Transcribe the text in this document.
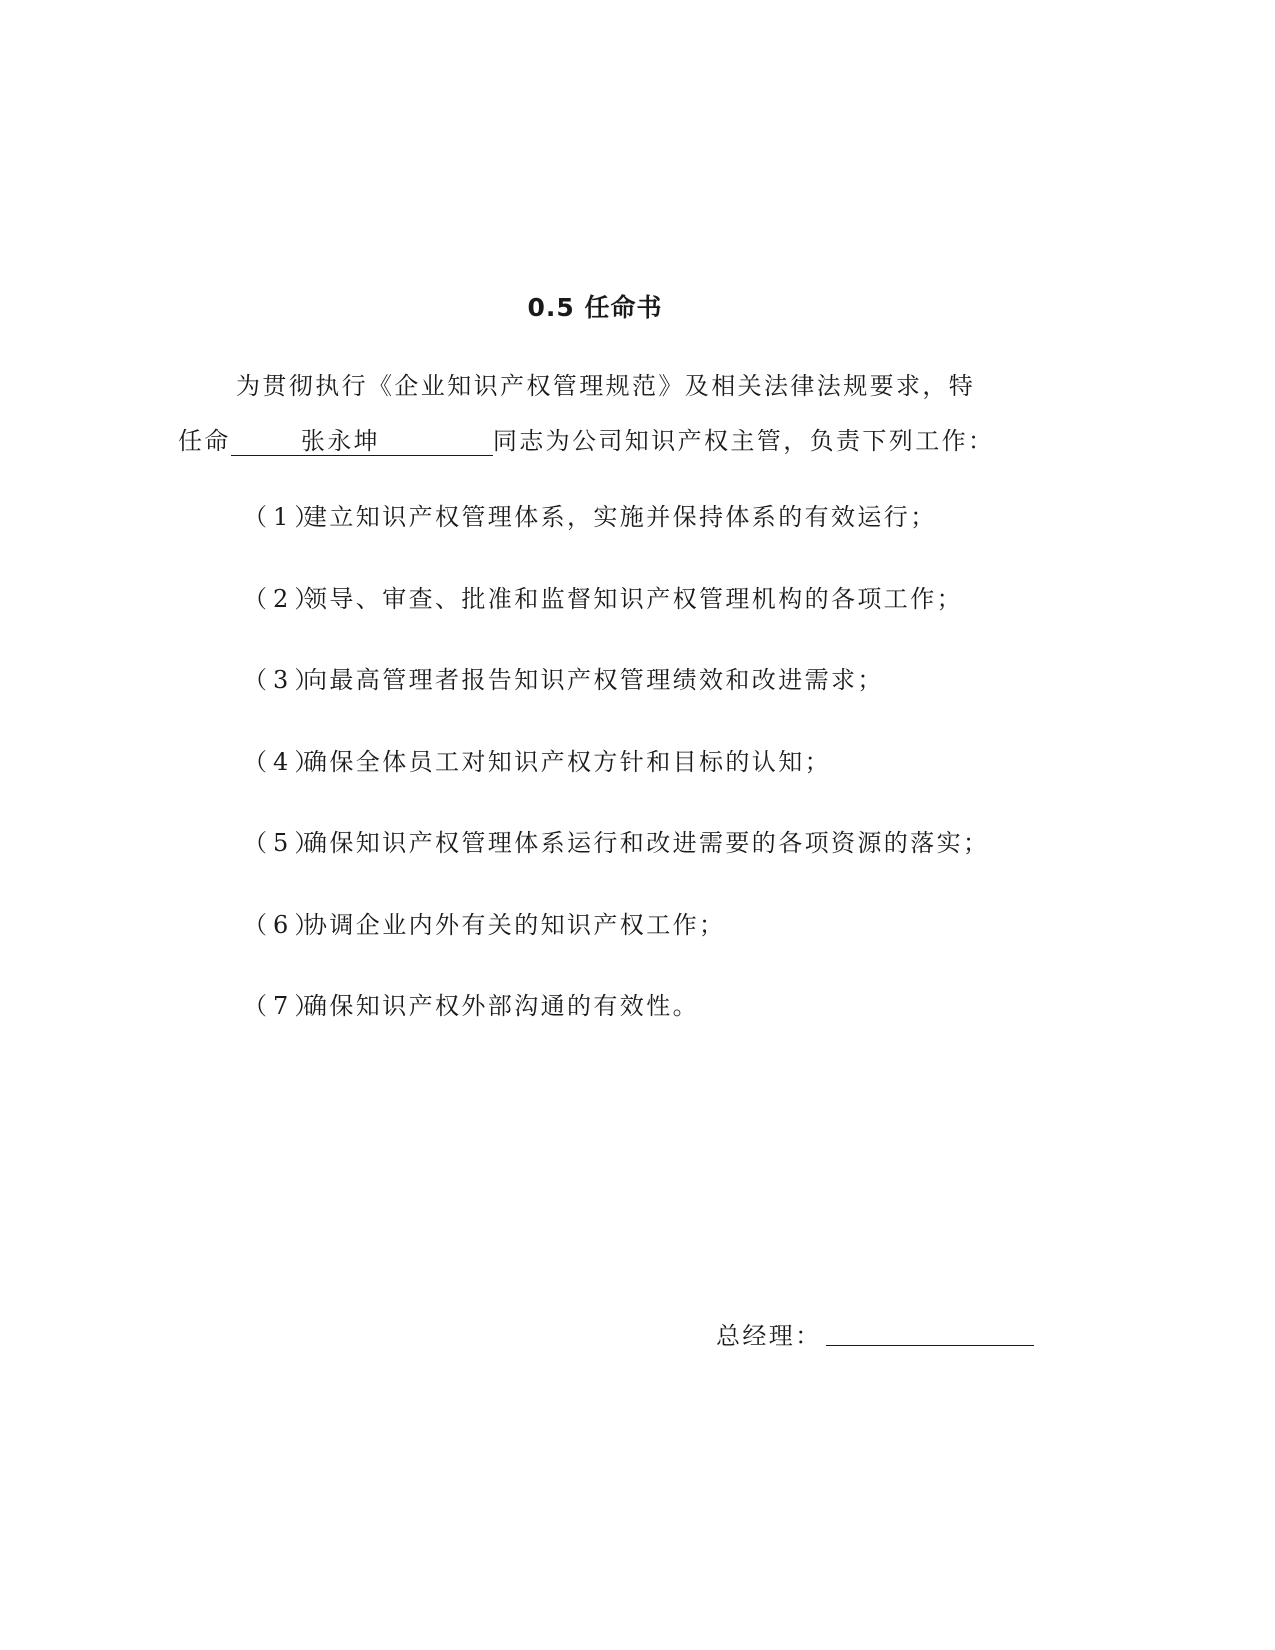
0.5 任命书
为贯彻执行《企业知识产权管理规范》及相关法律法规要求，特
任命	张永坤	同志为公司知识产权主管，负责下列工作：
（1）建立知识产权管理体系，实施并保持体系的有效运行；
（2）领导、审查、批准和监督知识产权管理机构的各项工作；
（3）向最高管理者报告知识产权管理绩效和改进需求；
（4）确保全体员工对知识产权方针和目标的认知；
（5）确保知识产权管理体系运行和改进需要的各项资源的落实；
（6）协调企业内外有关的知识产权工作；
（7）确保知识产权外部沟通的有效性。
总经理：
